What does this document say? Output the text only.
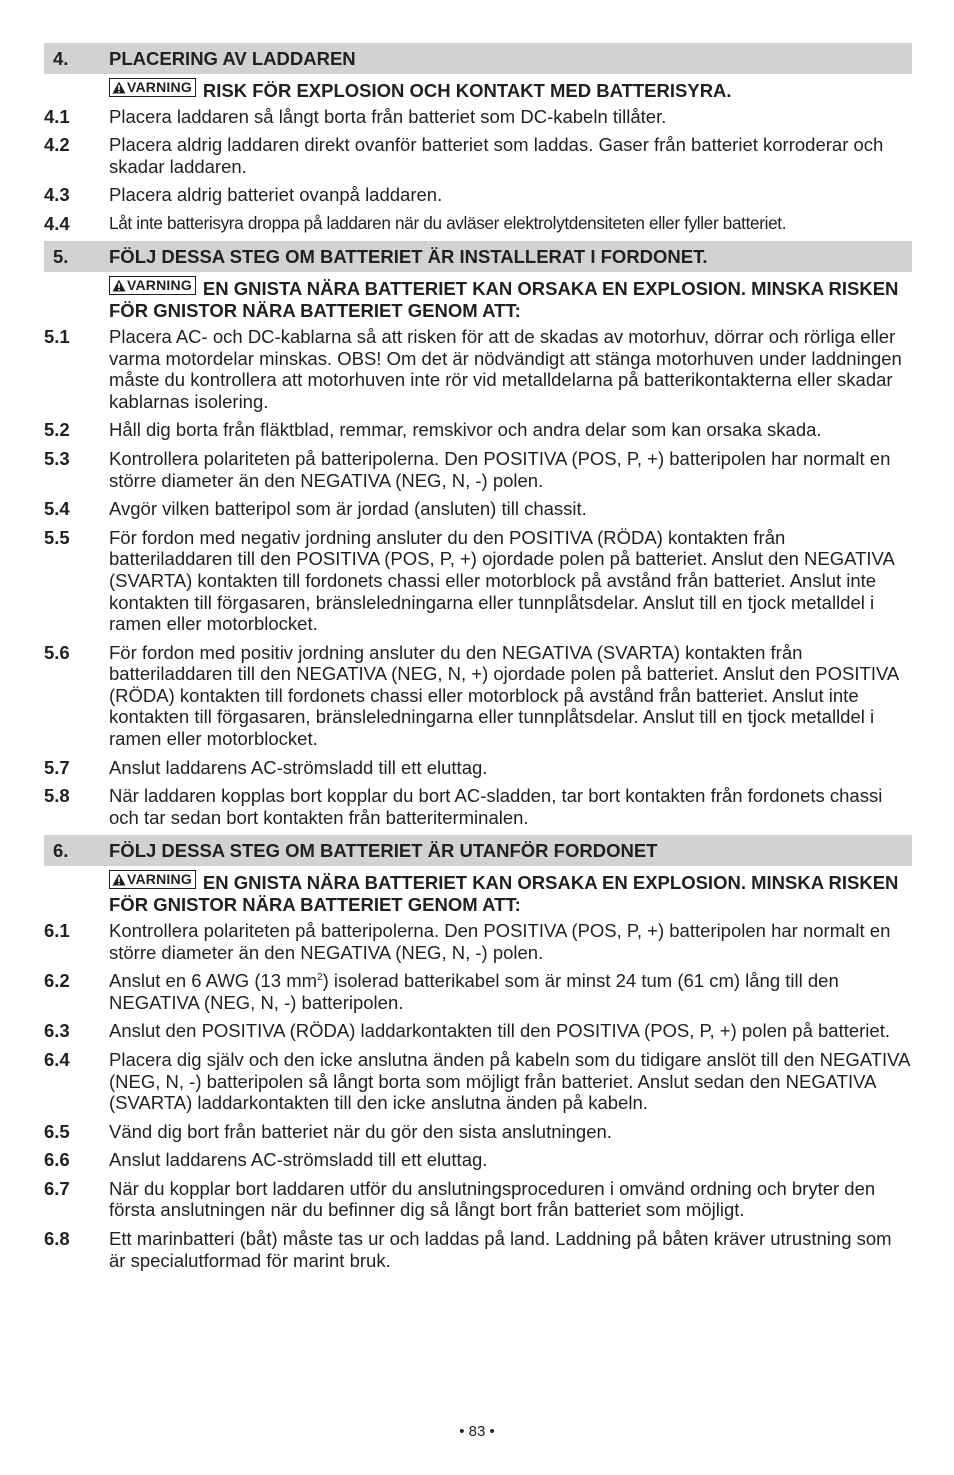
4.	PLACERING AV LADDAREN
VARNING RISK FÖR EXPLOSION OCH KONTAKT MED BATTERISYRA.
4.1	Placera laddaren så långt borta från batteriet som DC-kabeln tillåter.
4.2	Placera aldrig laddaren direkt ovanför batteriet som laddas. Gaser från batteriet korroderar och skadar laddaren.
4.3	Placera aldrig batteriet ovanpå laddaren.
4.4	Låt inte batterisyra droppa på laddaren när du avläser elektrolytdensiteten eller fyller batteriet.
5.	FÖLJ DESSA STEG OM BATTERIET ÄR INSTALLERAT I FORDONET.
VARNING EN GNISTA NÄRA BATTERIET KAN ORSAKA EN EXPLOSION. MINSKA RISKEN FÖR GNISTOR NÄRA BATTERIET GENOM ATT:
5.1	Placera AC- och DC-kablarna så att risken för att de skadas av motorhuv, dörrar och rörliga eller varma motordelar minskas. OBS! Om det är nödvändigt att stänga motorhuven under laddningen måste du kontrollera att motorhuven inte rör vid metalldelarna på batterikontakterna eller skadar kablarnas isolering.
5.2	Håll dig borta från fläktblad, remmar, remskivor och andra delar som kan orsaka skada.
5.3	Kontrollera polariteten på batteripolerna. Den POSITIVA (POS, P, +) batteripolen har normalt en större diameter än den NEGATIVA (NEG, N, -) polen.
5.4	Avgör vilken batteripol som är jordad (ansluten) till chassit.
5.5	För fordon med negativ jordning ansluter du den POSITIVA (RÖDA) kontakten från batteriladdaren till den POSITIVA (POS, P, +) ojordade polen på batteriet. Anslut den NEGATIVA (SVARTA) kontakten till fordonets chassi eller motorblock på avstånd från batteriet. Anslut inte kontakten till förgasaren, bränsleledningarna eller tunnplåtsdelar. Anslut till en tjock metalldel i ramen eller motorblocket.
5.6	För fordon med positiv jordning ansluter du den NEGATIVA (SVARTA) kontakten från batteriladdaren till den NEGATIVA (NEG, N, +) ojordade polen på batteriet. Anslut den POSITIVA (RÖDA) kontakten till fordonets chassi eller motorblock på avstånd från batteriet. Anslut inte kontakten till förgasaren, bränsleledningarna eller tunnplåtsdelar. Anslut till en tjock metalldel i ramen eller motorblocket.
5.7	Anslut laddarens AC-strömsladd till ett eluttag.
5.8	När laddaren kopplas bort kopplar du bort AC-sladden, tar bort kontakten från fordonets chassi och tar sedan bort kontakten från batteriterminalen.
6.	FÖLJ DESSA STEG OM BATTERIET ÄR UTANFÖR FORDONET
VARNING EN GNISTA NÄRA BATTERIET KAN ORSAKA EN EXPLOSION. MINSKA RISKEN FÖR GNISTOR NÄRA BATTERIET GENOM ATT:
6.1	Kontrollera polariteten på batteripolerna. Den POSITIVA (POS, P, +) batteripolen har normalt en större diameter än den NEGATIVA (NEG, N, -) polen.
6.2	Anslut en 6 AWG (13 $mm^2$) isolerad batterikabel som är minst 24 tum (61 cm) lång till den NEGATIVA (NEG, N, -) batteripolen.
6.3	Anslut den POSITIVA (RÖDA) laddarkontakten till den POSITIVA (POS, P, +) polen på batteriet.
6.4	Placera dig själv och den icke anslutna änden på kabeln som du tidigare anslöt till den NEGATIVA (NEG, N, -) batteripolen så långt borta som möjligt från batteriet. Anslut sedan den NEGATIVA (SVARTA) laddarkontakten till den icke anslutna änden på kabeln.
6.5	Vänd dig bort från batteriet när du gör den sista anslutningen.
6.6	Anslut laddarens AC-strömsladd till ett eluttag.
6.7	När du kopplar bort laddaren utför du anslutningsproceduren i omvänd ordning och bryter den första anslutningen när du befinner dig så långt bort från batteriet som möjligt.
6.8	Ett marinbatteri (båt) måste tas ur och laddas på land. Laddning på båten kräver utrustning som är specialutformad för marint bruk.
• 83 •
